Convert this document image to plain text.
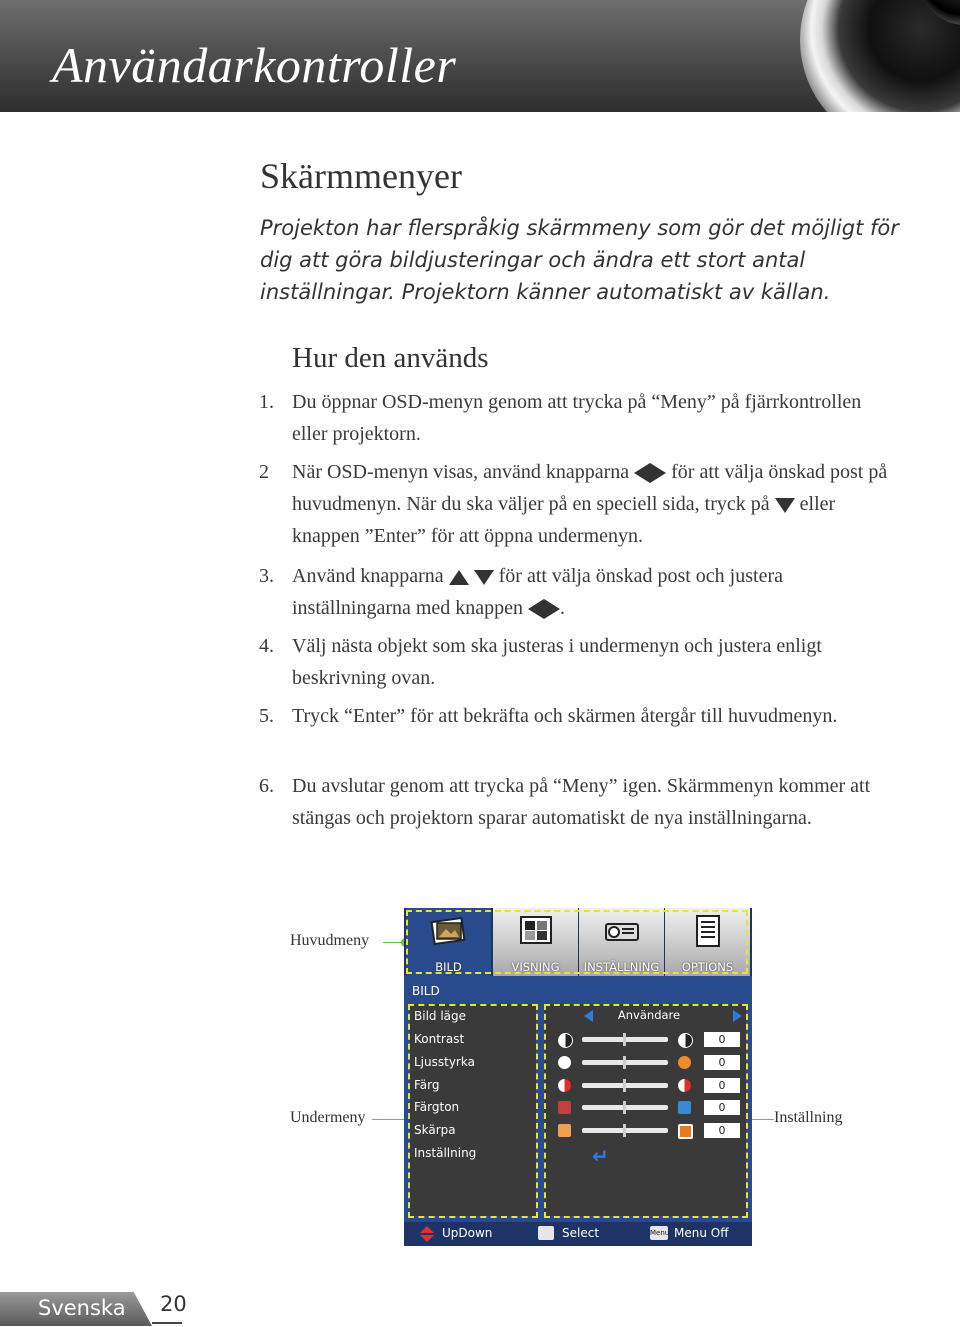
Användarkontroller
Skärmmenyer
Projekton har flerspråkig skärmmeny som gör det möjligt för dig att göra bildjusteringar och ändra ett stort antal inställningar. Projektorn känner automatiskt av källan.
Hur den används
1. Du öppnar OSD-menyn genom att trycka på “Meny” på fjärrkontrollen eller projektorn.
2 När OSD-menyn visas, använd knapparna för att välja önskad post på huvudmenyn. När du ska väljer på en speciell sida, tryck på eller knappen ”Enter” för att öppna undermenyn.
3. Använd knapparna	för att välja önskad post och justera inställningarna med knappen .
4. Välj nästa objekt som ska justeras i undermenyn och justera enligt beskrivning ovan.
5. Tryck “Enter” för att bekräfta och skärmen återgår till huvudmenyn.
6. Du avslutar genom att trycka på “Meny” igen. Skärmmenyn kommer att stängas och projektorn sparar automatiskt de nya inställningarna.
Huvudmeny
Undermeny	Inställning
BILD	VISNING	INSTÄLLNING	OPTIONS
BILD
Bild läge
Kontrast
Ljusstyrka
Färg
Färgton
Skärpa
Inställning
Användare
0
0
0
0
0
↵
UpDown	Select	Menu Menu Off
Svenska 20
